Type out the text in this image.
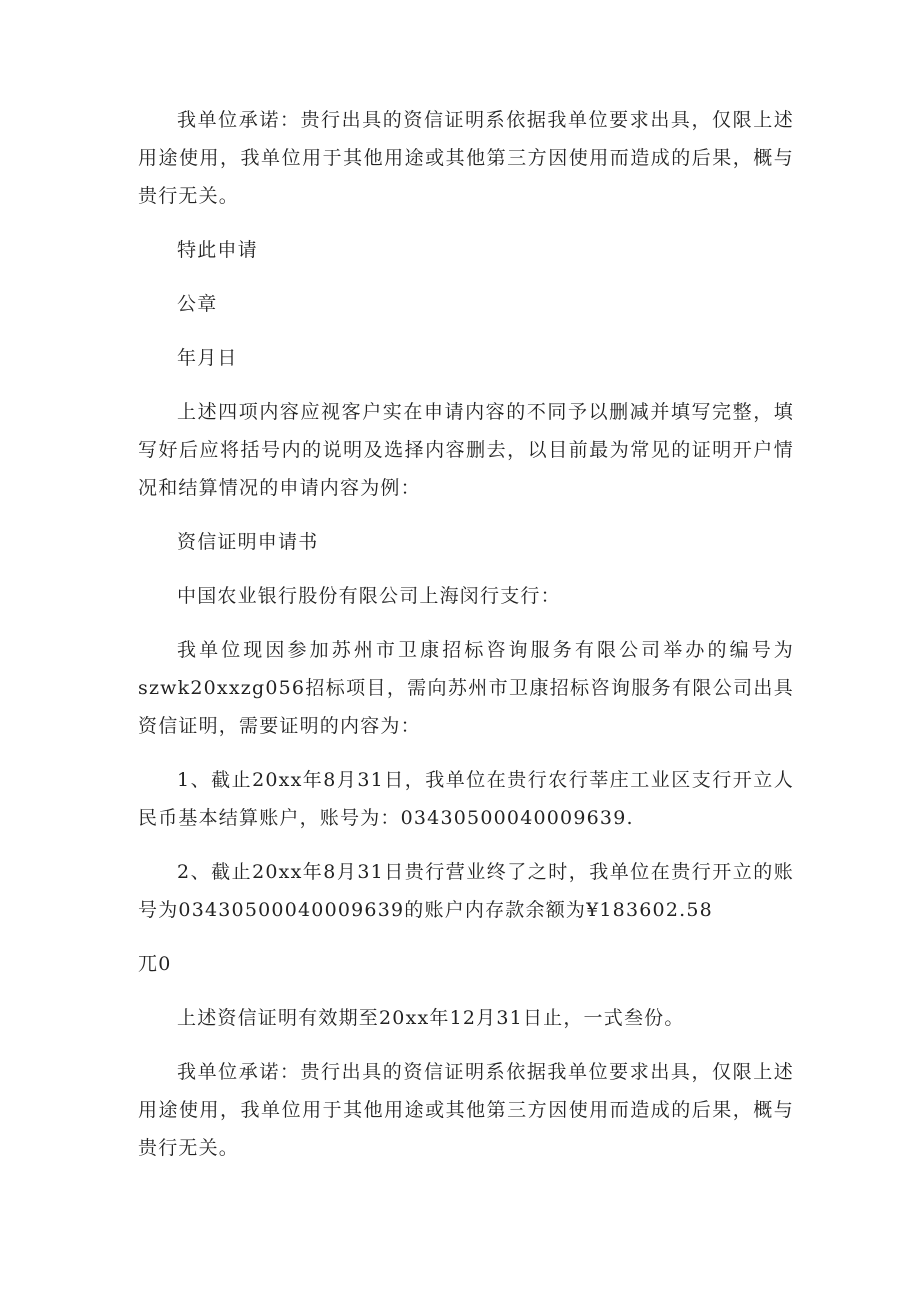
我单位承诺：贵行出具的资信证明系依据我单位要求出具，仅限上述用途使用，我单位用于其他用途或其他第三方因使用而造成的后果，概与贵行无关。

特此申请

公章

年月日

上述四项内容应视客户实在申请内容的不同予以删减并填写完整，填写好后应将括号内的说明及选择内容删去，以目前最为常见的证明开户情况和结算情况的申请内容为例：

资信证明申请书

中国农业银行股份有限公司上海闵行支行：

我单位现因参加苏州市卫康招标咨询服务有限公司举办的编号为szwk20xxzg056招标项目，需向苏州市卫康招标咨询服务有限公司出具资信证明，需要证明的内容为：

1、截止20xx年8月31日，我单位在贵行农行莘庄工业区支行开立人民币基本结算账户，账号为：03430500040009639.

2、截止20xx年8月31日贵行营业终了之时，我单位在贵行开立的账号为03430500040009639的账户内存款余额为¥183602.58

兀0

上述资信证明有效期至20xx年12月31日止，一式叁份。

我单位承诺：贵行出具的资信证明系依据我单位要求出具，仅限上述用途使用，我单位用于其他用途或其他第三方因使用而造成的后果，概与贵行无关。
